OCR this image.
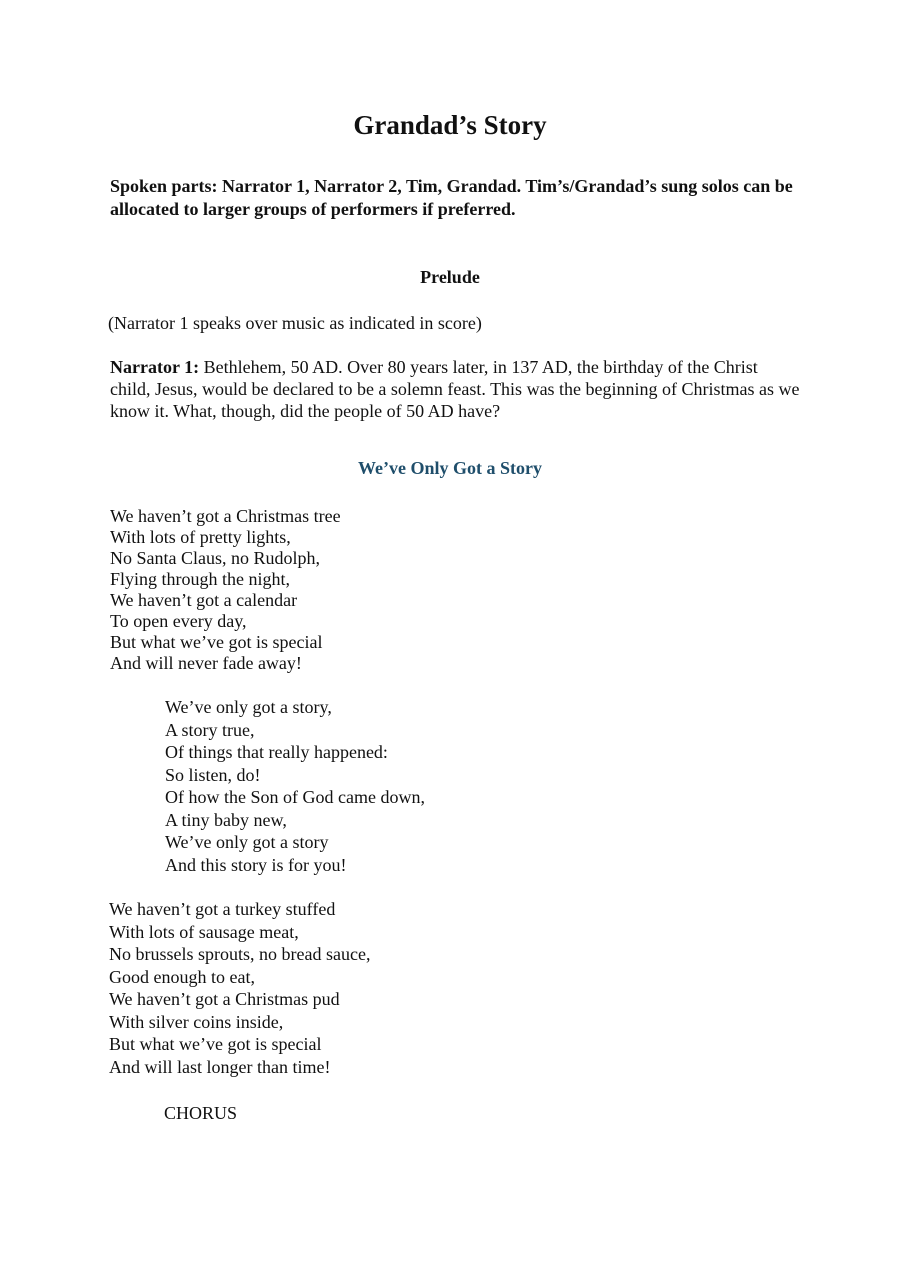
Grandad’s Story

Spoken parts: Narrator 1, Narrator 2, Tim, Grandad. Tim’s/Grandad’s sung solos can be allocated to larger groups of performers if preferred.

Prelude

(Narrator 1 speaks over music as indicated in score)

Narrator 1: Bethlehem, 50 AD. Over 80 years later, in 137 AD, the birthday of the Christ child, Jesus, would be declared to be a solemn feast. This was the beginning of Christmas as we know it. What, though, did the people of 50 AD have?

We’ve Only Got a Story
We haven’t got a Christmas tree
With lots of pretty lights,
No Santa Claus, no Rudolph,
Flying through the night,
We haven’t got a calendar
To open every day,
But what we’ve got is special
And will never fade away!
We’ve only got a story,
A story true,
Of things that really happened:
So listen, do!
Of how the Son of God came down,
A tiny baby new,
We’ve only got a story
And this story is for you!
We haven’t got a turkey stuffed
With lots of sausage meat,
No brussels sprouts, no bread sauce,
Good enough to eat,
We haven’t got a Christmas pud
With silver coins inside,
But what we’ve got is special
And will last longer than time!

CHORUS
